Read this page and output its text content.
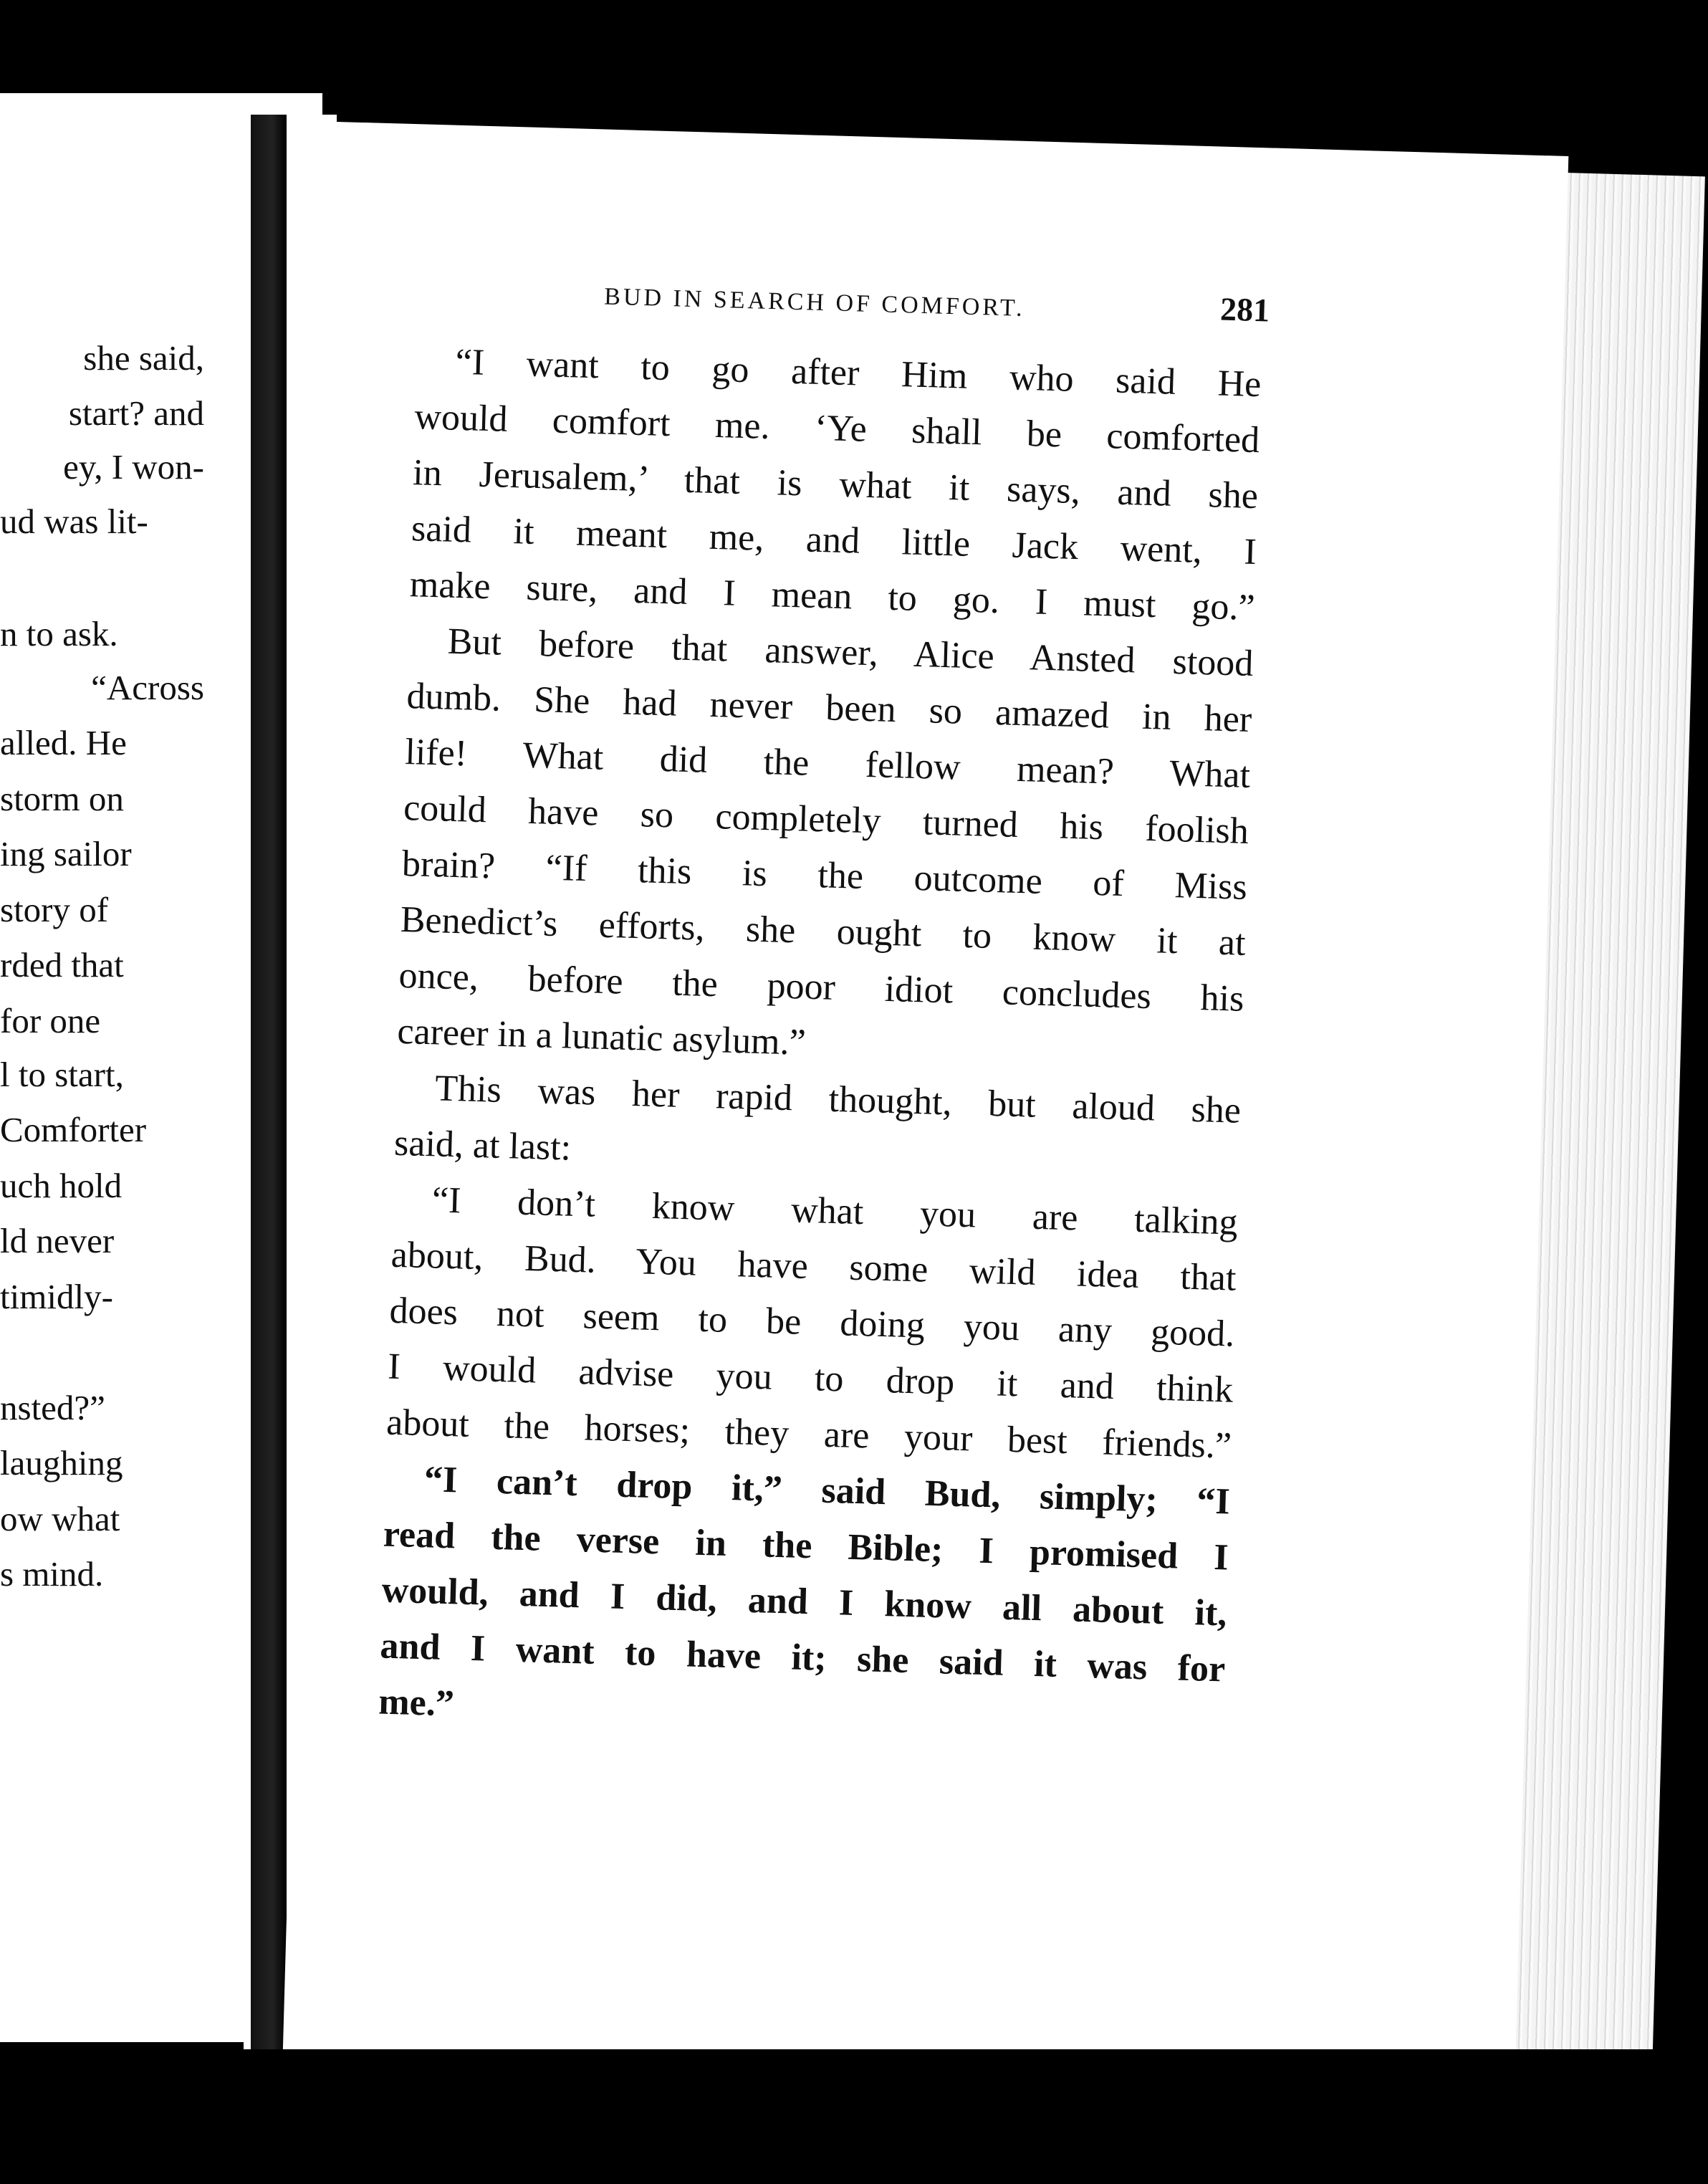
she said,
start? and
ey, I won-
ud was lit-
n to ask.
“Across
alled. He
storm on
ing sailor
story of
rded that
for one
l to start,
Comforter
uch hold
ld never
timidly-
nsted?”
laughing
ow what
s mind.
BUD IN SEARCH OF COMFORT.	281
“I want to go after Him who said He
would comfort me. ‘Ye shall be comforted
in Jerusalem,’ that is what it says, and she
said it meant me, and little Jack went, I
make sure, and I mean to go. I must go.”
But before that answer, Alice Ansted stood
dumb. She had never been so amazed in her
life! What did the fellow mean? What
could have so completely turned his foolish
brain? “If this is the outcome of Miss
Benedict’s efforts, she ought to know it at
once, before the poor idiot concludes his
career in a lunatic asylum.”
This was her rapid thought, but aloud she
said, at last:
“I don’t know what you are talking
about, Bud. You have some wild idea that
does not seem to be doing you any good.
I would advise you to drop it and think
about the horses; they are your best friends.”
“I can’t drop it,” said Bud, simply; “I
read the verse in the Bible; I promised I
would, and I did, and I know all about it,
and I want to have it; she said it was for
me.”
